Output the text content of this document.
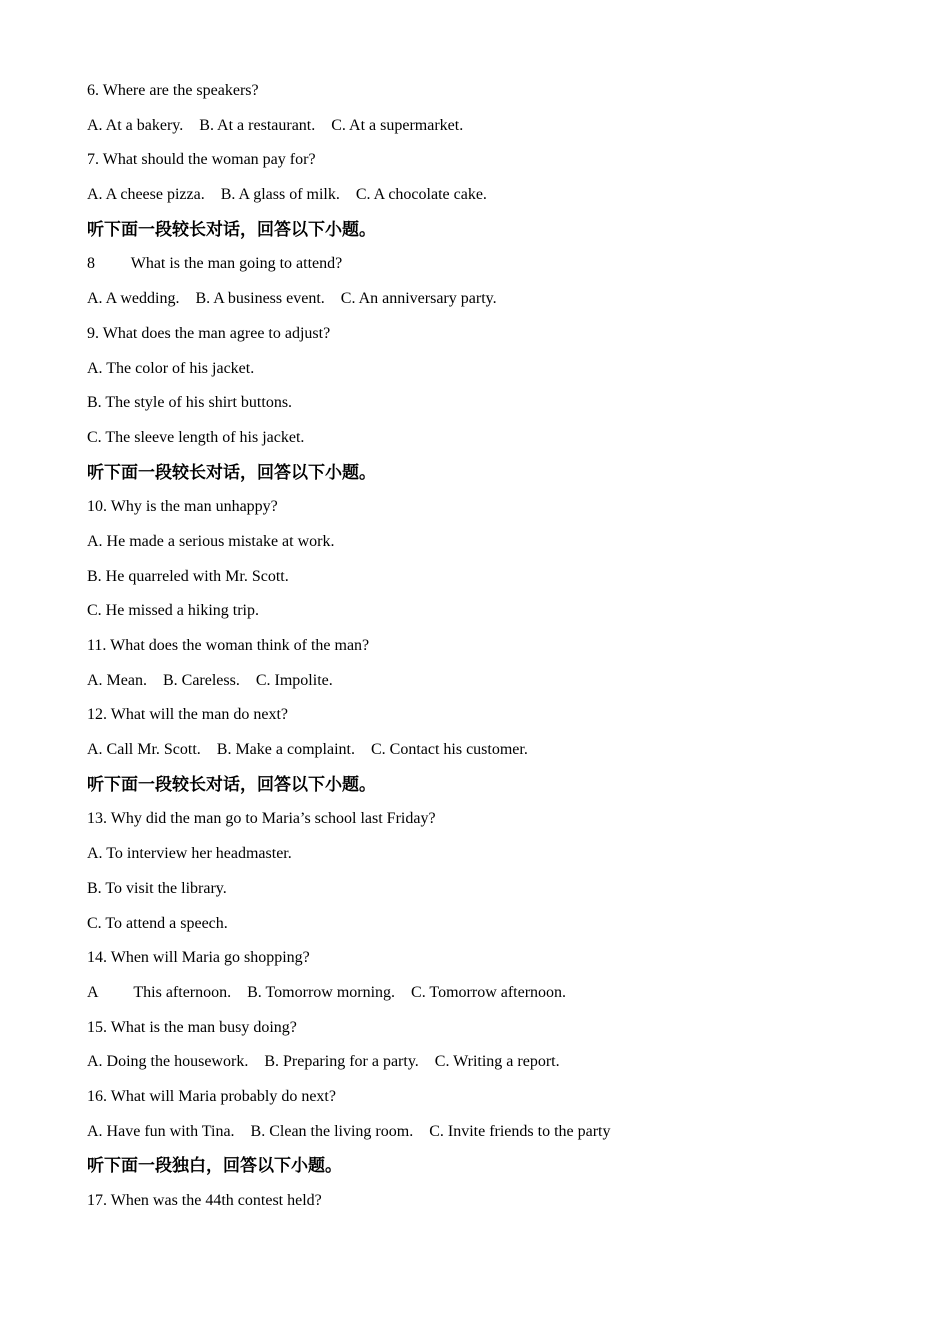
6. Where are the speakers?
A. At a bakery.    B. At a restaurant.    C. At a supermarket.
7. What should the woman pay for?
A. A cheese pizza.    B. A glass of milk.    C. A chocolate cake.
听下面一段较长对话，回答以下小题。
8         What is the man going to attend?
A. A wedding.    B. A business event.    C. An anniversary party.
9. What does the man agree to adjust?
A. The color of his jacket.
B. The style of his shirt buttons.
C. The sleeve length of his jacket.
听下面一段较长对话，回答以下小题。
10. Why is the man unhappy?
A. He made a serious mistake at work.
B. He quarreled with Mr. Scott.
C. He missed a hiking trip.
11. What does the woman think of the man?
A. Mean.    B. Careless.    C. Impolite.
12. What will the man do next?
A. Call Mr. Scott.    B. Make a complaint.    C. Contact his customer.
听下面一段较长对话，回答以下小题。
13. Why did the man go to Maria’s school last Friday?
A. To interview her headmaster.
B. To visit the library.
C. To attend a speech.
14. When will Maria go shopping?
A         This afternoon.    B. Tomorrow morning.    C. Tomorrow afternoon.
15. What is the man busy doing?
A. Doing the housework.    B. Preparing for a party.    C. Writing a report.
16. What will Maria probably do next?
A. Have fun with Tina.    B. Clean the living room.    C. Invite friends to the party
听下面一段独白，回答以下小题。
17. When was the 44th contest held?
